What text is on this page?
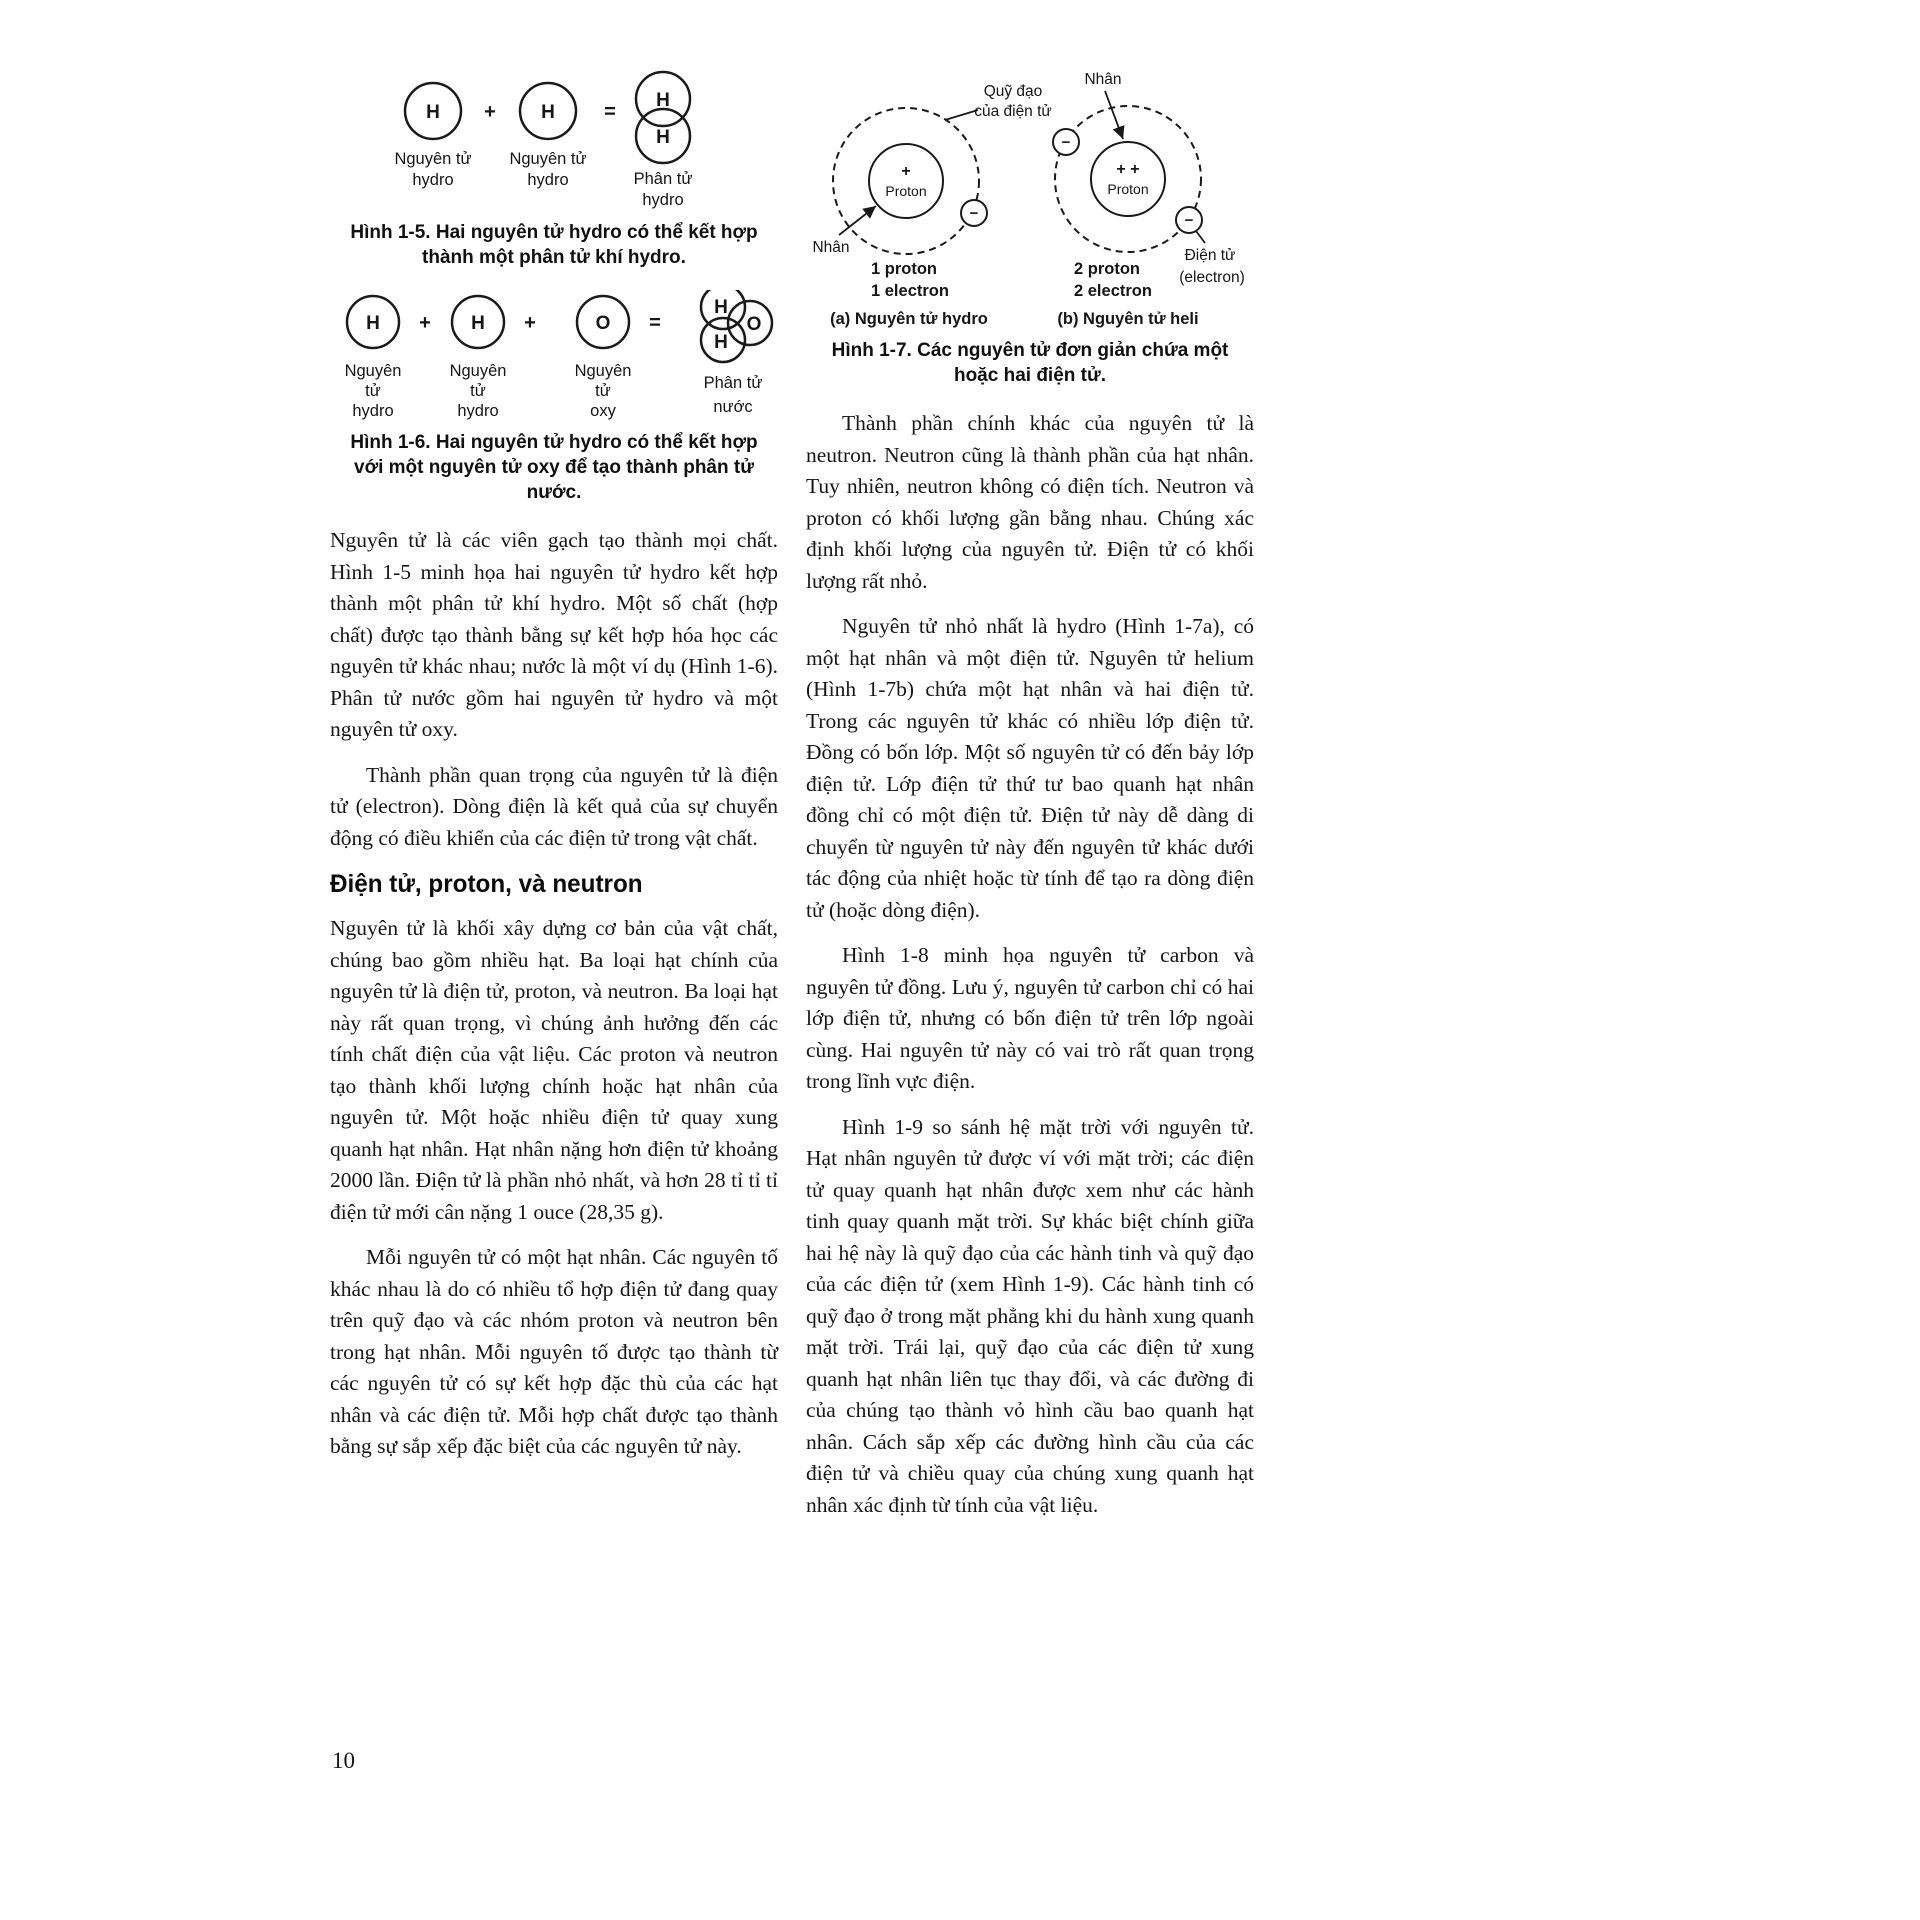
H + H =
H
H
Nguyên tử
hydro
Nguyên tử
hydro	Phân tử
hydro

Hình 1-5. Hai nguyên tử hydro có thể kết hợp thành một phân tử khí hydro.

H + H +	O =
H
O
H
Nguyên
tử
hydro
Nguyên
tử
hydro
Nguyên
tử
oxy
Phân tử
nước

Hình 1-6. Hai nguyên tử hydro có thể kết hợp với một nguyên tử oxy để tạo thành phân tử nước.

Nguyên tử là các viên gạch tạo thành mọi chất. Hình 1-5 minh họa hai nguyên tử hydro kết hợp thành một phân tử khí hydro. Một số chất (hợp chất) được tạo thành bằng sự kết hợp hóa học các nguyên tử khác nhau; nước là một ví dụ (Hình 1-6). Phân tử nước gồm hai nguyên tử hydro và một nguyên tử oxy.

Thành phần quan trọng của nguyên tử là điện tử (electron). Dòng điện là kết quả của sự chuyển động có điều khiển của các điện tử trong vật chất.

Điện tử, proton, và neutron

Nguyên tử là khối xây dựng cơ bản của vật chất, chúng bao gồm nhiều hạt. Ba loại hạt chính của nguyên tử là điện tử, proton, và neutron. Ba loại hạt này rất quan trọng, vì chúng ảnh hưởng đến các tính chất điện của vật liệu. Các proton và neutron tạo thành khối lượng chính hoặc hạt nhân của nguyên tử. Một hoặc nhiều điện tử quay xung quanh hạt nhân. Hạt nhân nặng hơn điện tử khoảng 2000 lần. Điện tử là phần nhỏ nhất, và hơn 28 tỉ tỉ tỉ điện tử mới cân nặng 1 ouce (28,35 g).

Mỗi nguyên tử có một hạt nhân. Các nguyên tố khác nhau là do có nhiều tổ hợp điện tử đang quay trên quỹ đạo và các nhóm proton và neutron bên trong hạt nhân. Mỗi nguyên tố được tạo thành từ các nguyên tử có sự kết hợp đặc thù của các hạt nhân và các điện tử. Mỗi hợp chất được tạo thành bằng sự sắp xếp đặc biệt của các nguyên tử này.

+
Proton
−
Quỹ đạo
của điện tử
Nhân
1 proton
1 electron
(a) Nguyên tử hydro
+ +
Proton
−
−
Nhân
Điện tử
(electron)
2 proton
2 electron
(b) Nguyên tử heli

Hình 1-7. Các nguyên tử đơn giản chứa một hoặc hai điện tử.

Thành phần chính khác của nguyên tử là neutron. Neutron cũng là thành phần của hạt nhân. Tuy nhiên, neutron không có điện tích. Neutron và proton có khối lượng gần bằng nhau. Chúng xác định khối lượng của nguyên tử. Điện tử có khối lượng rất nhỏ.

Nguyên tử nhỏ nhất là hydro (Hình 1-7a), có một hạt nhân và một điện tử. Nguyên tử helium (Hình 1-7b) chứa một hạt nhân và hai điện tử. Trong các nguyên tử khác có nhiều lớp điện tử. Đồng có bốn lớp. Một số nguyên tử có đến bảy lớp điện tử. Lớp điện tử thứ tư bao quanh hạt nhân đồng chỉ có một điện tử. Điện tử này dễ dàng di chuyển từ nguyên tử này đến nguyên tử khác dưới tác động của nhiệt hoặc từ tính để tạo ra dòng điện tử (hoặc dòng điện).

Hình 1-8 minh họa nguyên tử carbon và nguyên tử đồng. Lưu ý, nguyên tử carbon chỉ có hai lớp điện tử, nhưng có bốn điện tử trên lớp ngoài cùng. Hai nguyên tử này có vai trò rất quan trọng trong lĩnh vực điện.

Hình 1-9 so sánh hệ mặt trời với nguyên tử. Hạt nhân nguyên tử được ví với mặt trời; các điện tử quay quanh hạt nhân được xem như các hành tinh quay quanh mặt trời. Sự khác biệt chính giữa hai hệ này là quỹ đạo của các hành tinh và quỹ đạo của các điện tử (xem Hình 1-9). Các hành tinh có quỹ đạo ở trong mặt phẳng khi du hành xung quanh mặt trời. Trái lại, quỹ đạo của các điện tử xung quanh hạt nhân liên tục thay đổi, và các đường đi của chúng tạo thành vỏ hình cầu bao quanh hạt nhân. Cách sắp xếp các đường hình cầu của các điện tử và chiều quay của chúng xung quanh hạt nhân xác định từ tính của vật liệu.

10
